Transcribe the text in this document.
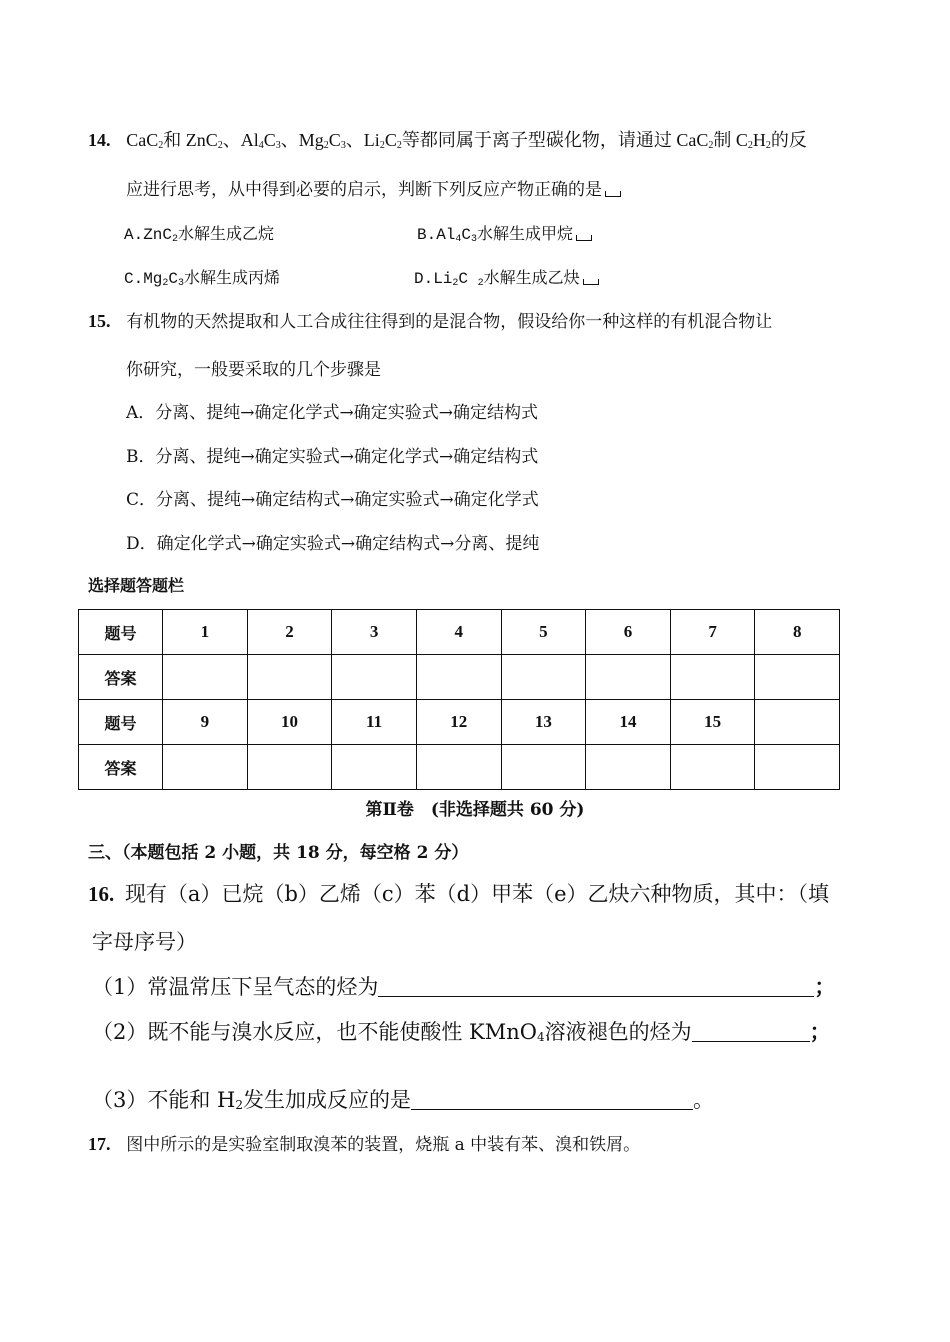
14. CaC$_2$和 ZnC$_2$、$Al_4C_3$、$Mg_2C_3$、$Li_2C_2$等都同属于离子型碳化物，请通过 CaC$_2$制 $C_2H_2$的反
应进行思考，从中得到必要的启示，判断下列反应产物正确的是
A.ZnC$_2$水解生成乙烷	$B.Al_4C_3$水解生成甲烷
$C.Mg_2C_3$水解生成丙烯	$D.Li_2C$ $_2$水解生成乙炔
15. 有机物的天然提取和人工合成往往得到的是混合物，假设给你一种这样的有机混合物让
你研究，一般要采取的几个步骤是
A．分离、提纯→确定化学式→确定实验式→确定结构式
B．分离、提纯→确定实验式→确定化学式→确定结构式
C．分离、提纯→确定结构式→确定实验式→确定化学式
D．确定化学式→确定实验式→确定结构式→分离、提纯
选择题答题栏
题号	1	2	3	4	5	6	7	8
答案								
题号	9	10	11	12	13	14	15	
答案								
第Ⅱ卷　(非选择题共 60 分)
三、（本题包括 2 小题，共 18 分，每空格 2 分）
16. 现有（a）已烷（b）乙烯（c）苯（d）甲苯（e）乙炔六种物质，其中：（填
字母序号）
（1）常温常压下呈气态的烃为	；
（2）既不能与溴水反应，也不能使酸性 KMnO$_4$溶液褪色的烃为	；
（3）不能和 $H_2$发生加成反应的是	。
17. 图中所示的是实验室制取溴苯的装置，烧瓶 a 中装有苯、溴和铁屑。
